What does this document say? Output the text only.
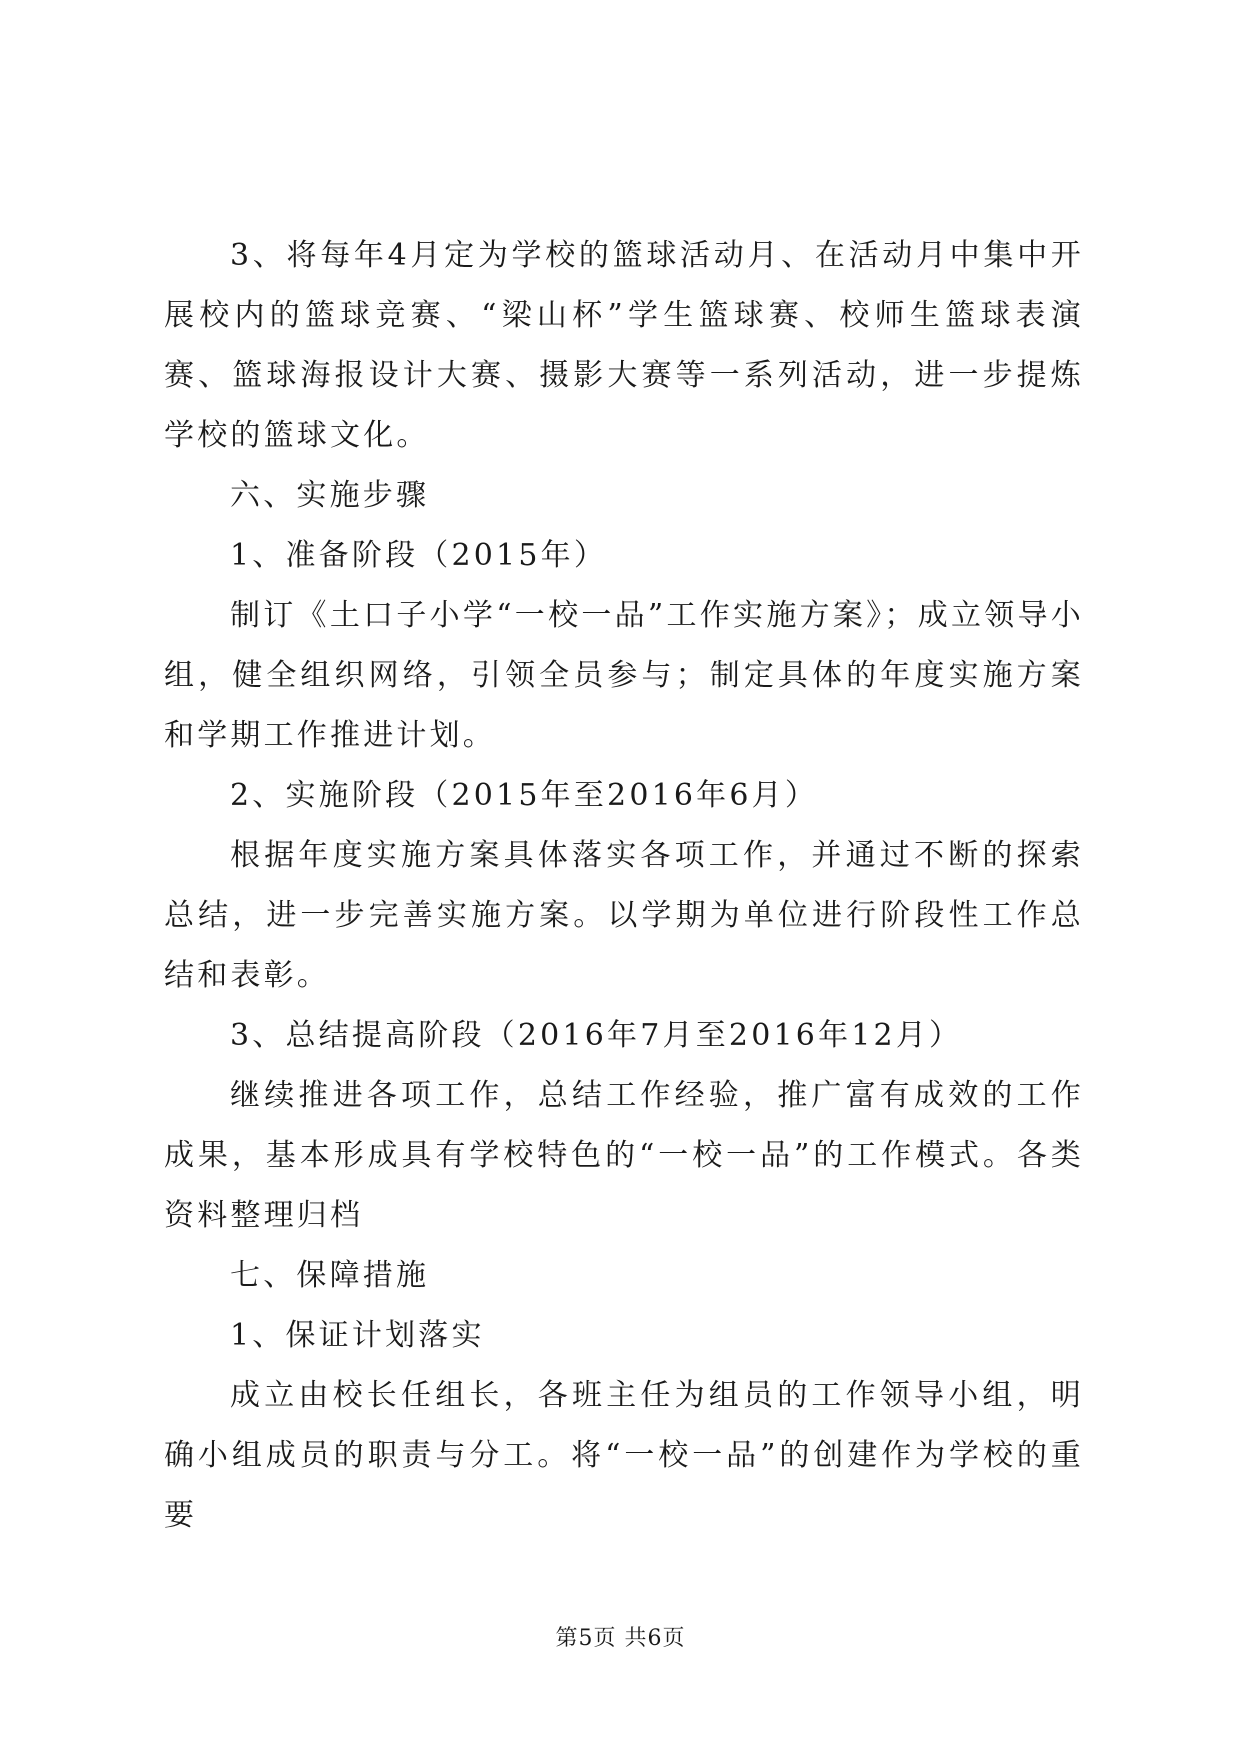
3、将每年4月定为学校的篮球活动月、在活动月中集中开展校内的篮球竞赛、“梁山杯”学生篮球赛、校师生篮球表演赛、篮球海报设计大赛、摄影大赛等一系列活动，进一步提炼学校的篮球文化。

六、实施步骤

1、准备阶段（2015年）

制订《土口子小学“一校一品”工作实施方案》；成立领导小组，健全组织网络，引领全员参与；制定具体的年度实施方案和学期工作推进计划。

2、实施阶段（2015年至2016年6月）

根据年度实施方案具体落实各项工作，并通过不断的探索总结，进一步完善实施方案。以学期为单位进行阶段性工作总结和表彰。

3、总结提高阶段（2016年7月至2016年12月）

继续推进各项工作，总结工作经验，推广富有成效的工作成果，基本形成具有学校特色的“一校一品”的工作模式。各类资料整理归档

七、保障措施

1、保证计划落实

成立由校长任组长，各班主任为组员的工作领导小组，明确小组成员的职责与分工。将“一校一品”的创建作为学校的重要

第5页 共6页
